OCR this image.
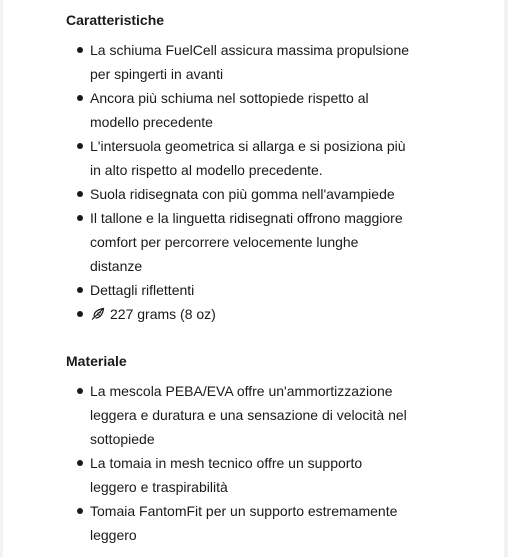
Caratteristiche
La schiuma FuelCell assicura massima propulsione per spingerti in avanti
Ancora più schiuma nel sottopiede rispetto al modello precedente
L'intersuola geometrica si allarga e si posiziona più in alto rispetto al modello precedente.
Suola ridisegnata con più gomma nell'avampiede
Il tallone e la linguetta ridisegnati offrono maggiore comfort per percorrere velocemente lunghe distanze
Dettagli riflettenti
227 grams (8 oz)
Materiale
La mescola PEBA/EVA offre un'ammortizzazione leggera e duratura e una sensazione di velocità nel sottopiede
La tomaia in mesh tecnico offre un supporto leggero e traspirabilità
Tomaia FantomFit per un supporto estremamente leggero
